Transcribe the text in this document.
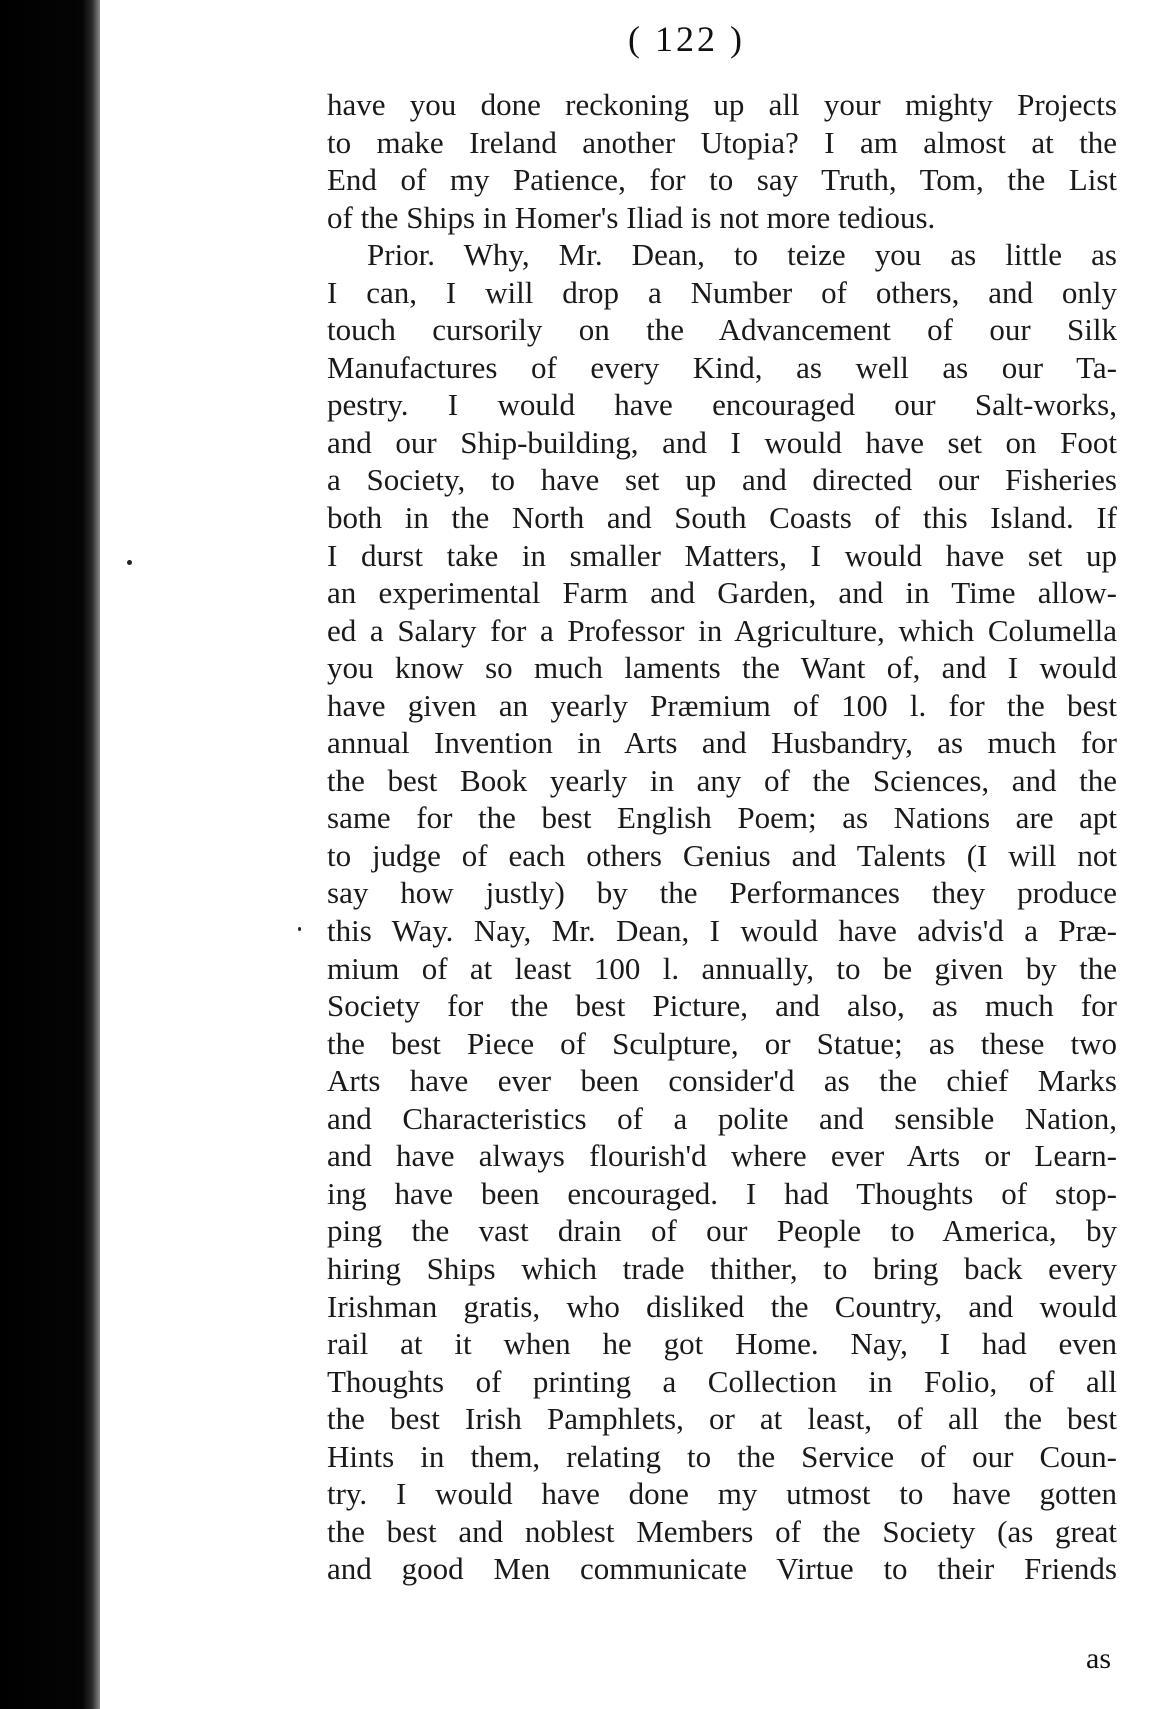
( 122 )
have you done reckoning up all your mighty Projects
to make Ireland another Utopia? I am almost at the
End of my Patience, for to say Truth, Tom, the List
of the Ships in Homer's Iliad is not more tedious.
Prior. Why, Mr. Dean, to teize you as little as
I can, I will drop a Number of others, and only
touch cursorily on the Advancement of our Silk
Manufactures of every Kind, as well as our Ta-
pestry. I would have encouraged our Salt-works,
and our Ship-building, and I would have set on Foot
a Society, to have set up and directed our Fisheries
both in the North and South Coasts of this Island. If
I durst take in smaller Matters, I would have set up
an experimental Farm and Garden, and in Time allow-
ed a Salary for a Professor in Agriculture, which Columella
you know so much laments the Want of, and I would
have given an yearly Præmium of 100 l. for the best
annual Invention in Arts and Husbandry, as much for
the best Book yearly in any of the Sciences, and the
same for the best English Poem; as Nations are apt
to judge of each others Genius and Talents (I will not
say how justly) by the Performances they produce
this Way. Nay, Mr. Dean, I would have advis'd a Præ-
mium of at least 100 l. annually, to be given by the
Society for the best Picture, and also, as much for
the best Piece of Sculpture, or Statue; as these two
Arts have ever been consider'd as the chief Marks
and Characteristics of a polite and sensible Nation,
and have always flourish'd where ever Arts or Learn-
ing have been encouraged. I had Thoughts of stop-
ping the vast drain of our People to America, by
hiring Ships which trade thither, to bring back every
Irishman gratis, who disliked the Country, and would
rail at it when he got Home. Nay, I had even
Thoughts of printing a Collection in Folio, of all
the best Irish Pamphlets, or at least, of all the best
Hints in them, relating to the Service of our Coun-
try. I would have done my utmost to have gotten
the best and noblest Members of the Society (as great
and good Men communicate Virtue to their Friends
as
